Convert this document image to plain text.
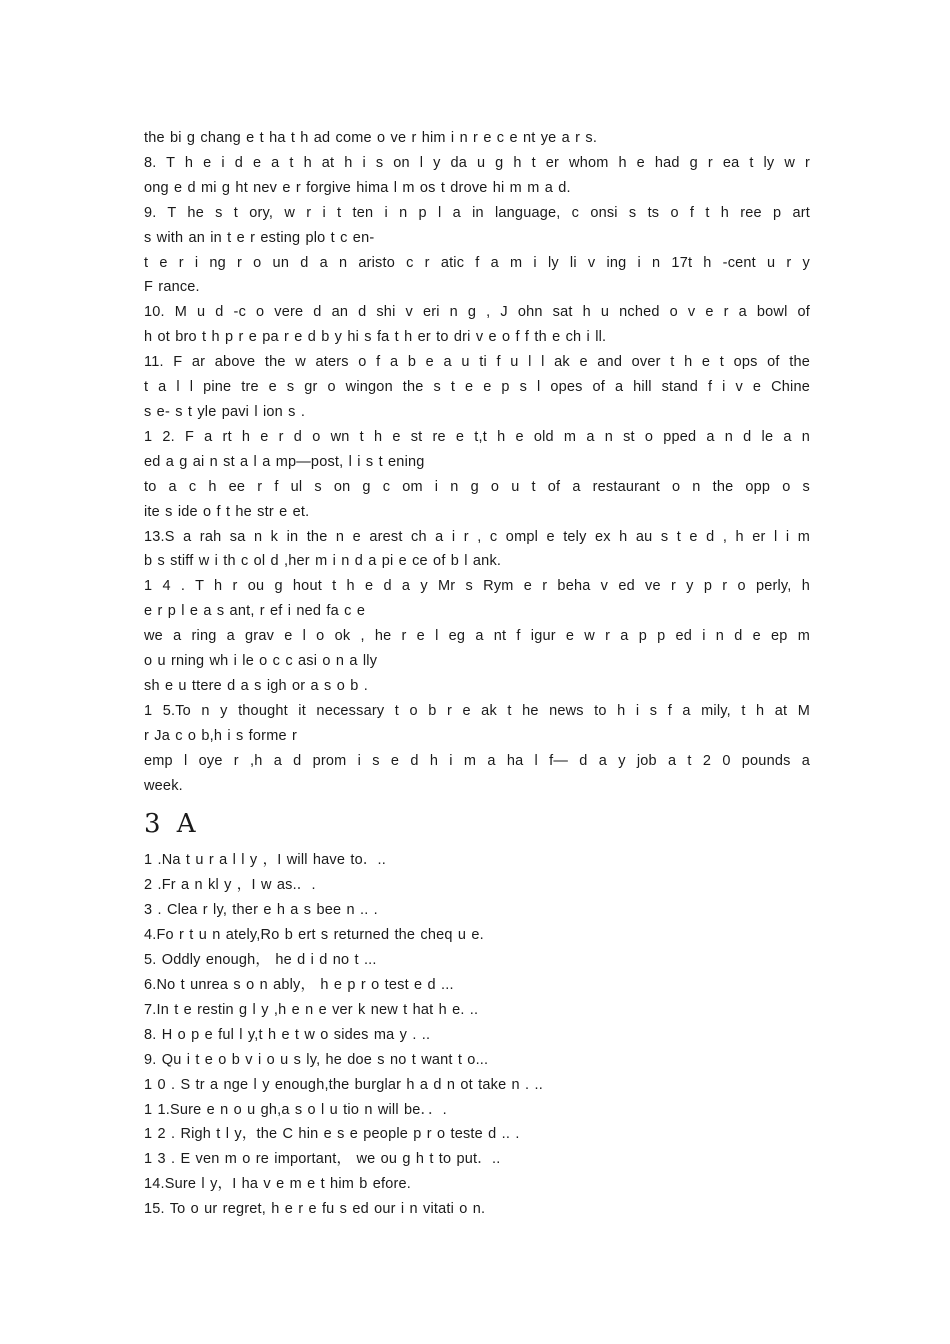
the bi g chang e t ha t h ad come o ve r him i n r e c e nt ye a r s.
8. T h e i d e a t h at h i s on l y da u g h t er whom h e had g r ea t ly w r
ong e d mi g ht nev e r forgive hima l m os t drove hi m m a d.
9. T he s t ory, w r i t ten i n p l a in language, c onsi s ts o f t h ree p art
s with an in t e r esting plo t c en-
t e r i ng r o un d a n aristo c r atic f a m i ly li v ing i n 17t h -cent u r y
F rance.
10. M u d -c o vere d an d shi v eri n g , J ohn sat h u nched o v e r a bowl of
h ot bro t h p r e pa r e d b y hi s fa t h er to dri v e o f f th e ch i ll.
11. F ar above the w aters o f a b e a u ti f u l l ak e and over t h e t ops of the
t a l l pine tre e s gr o wingon the s t e e p s l opes of a hill stand f i v e Chine
s e- s t yle pavi l ion s .
1 2. F a rt h e r d o wn t h e st re e t,t h e old m a n st o pped a n d le a n
ed a g ai n st a l a mp—post, l i s t ening
to a c h ee r f ul s on g c om i n g o u t of a restaurant o n the opp o s
ite s ide o f t he str e et.
13.S a rah sa n k in the n e arest ch a i r , c ompl e tely ex h au s t e d , h er l i m
b s stiff w i th c ol d ,her m i n d a pi e ce of b l ank.
1 4 . T h r ou g hout t h e d a y Mr s Rym e r beha v ed ve r y p r o perly, h
e r p l e a s ant, r ef i ned fa c e
we a ring a grav e l o ok , he r e l eg a nt f igur e w r a p p ed i n d e ep m
o u rning wh i le o c c asi o n a lly
sh e u ttere d a s igh or a s o b .
1 5.To n y thought it necessary t o b r e ak t he news to h i s f a mily, t h at M
r Ja c o b,h i s forme r
emp l oye r ,h a d prom i s e d h i m a ha l f— d a y job a t 2 0 pounds a
week.
3 A
1 .Na t u r a l l y ，I will have to．..
2 .Fr a n kl y ，I w as.．.
3 . Clea r ly, ther e h a s bee n .. .
4.Fo r t u n ately,Ro b ert s returned the cheq u e.
5. Oddly enough， he d i d no t ...
6.No t unrea s o n ably， h e p r o test e d ...
7.In t e restin g l y ,h e n e ver k new t hat h e. ..
8. H o p e ful l y,t h e t w o sides ma y . ..
9. Qu i t e o b v i o u s ly, he doe s no t want t o...
1 0 . S tr a nge l y enough,the burglar h a d n ot take n . ..
1 1.Sure e n o u gh,a s o l u tio n will be．．.
1 2 . Righ t l y，the C hin e s e people p r o teste d .. .
1 3 . E ven m o re important， we ou g h t to put．..
14.Sure l y，I ha v e m e t him b efore.
15. To o ur regret, h e r e fu s ed our i n vitati o n.
